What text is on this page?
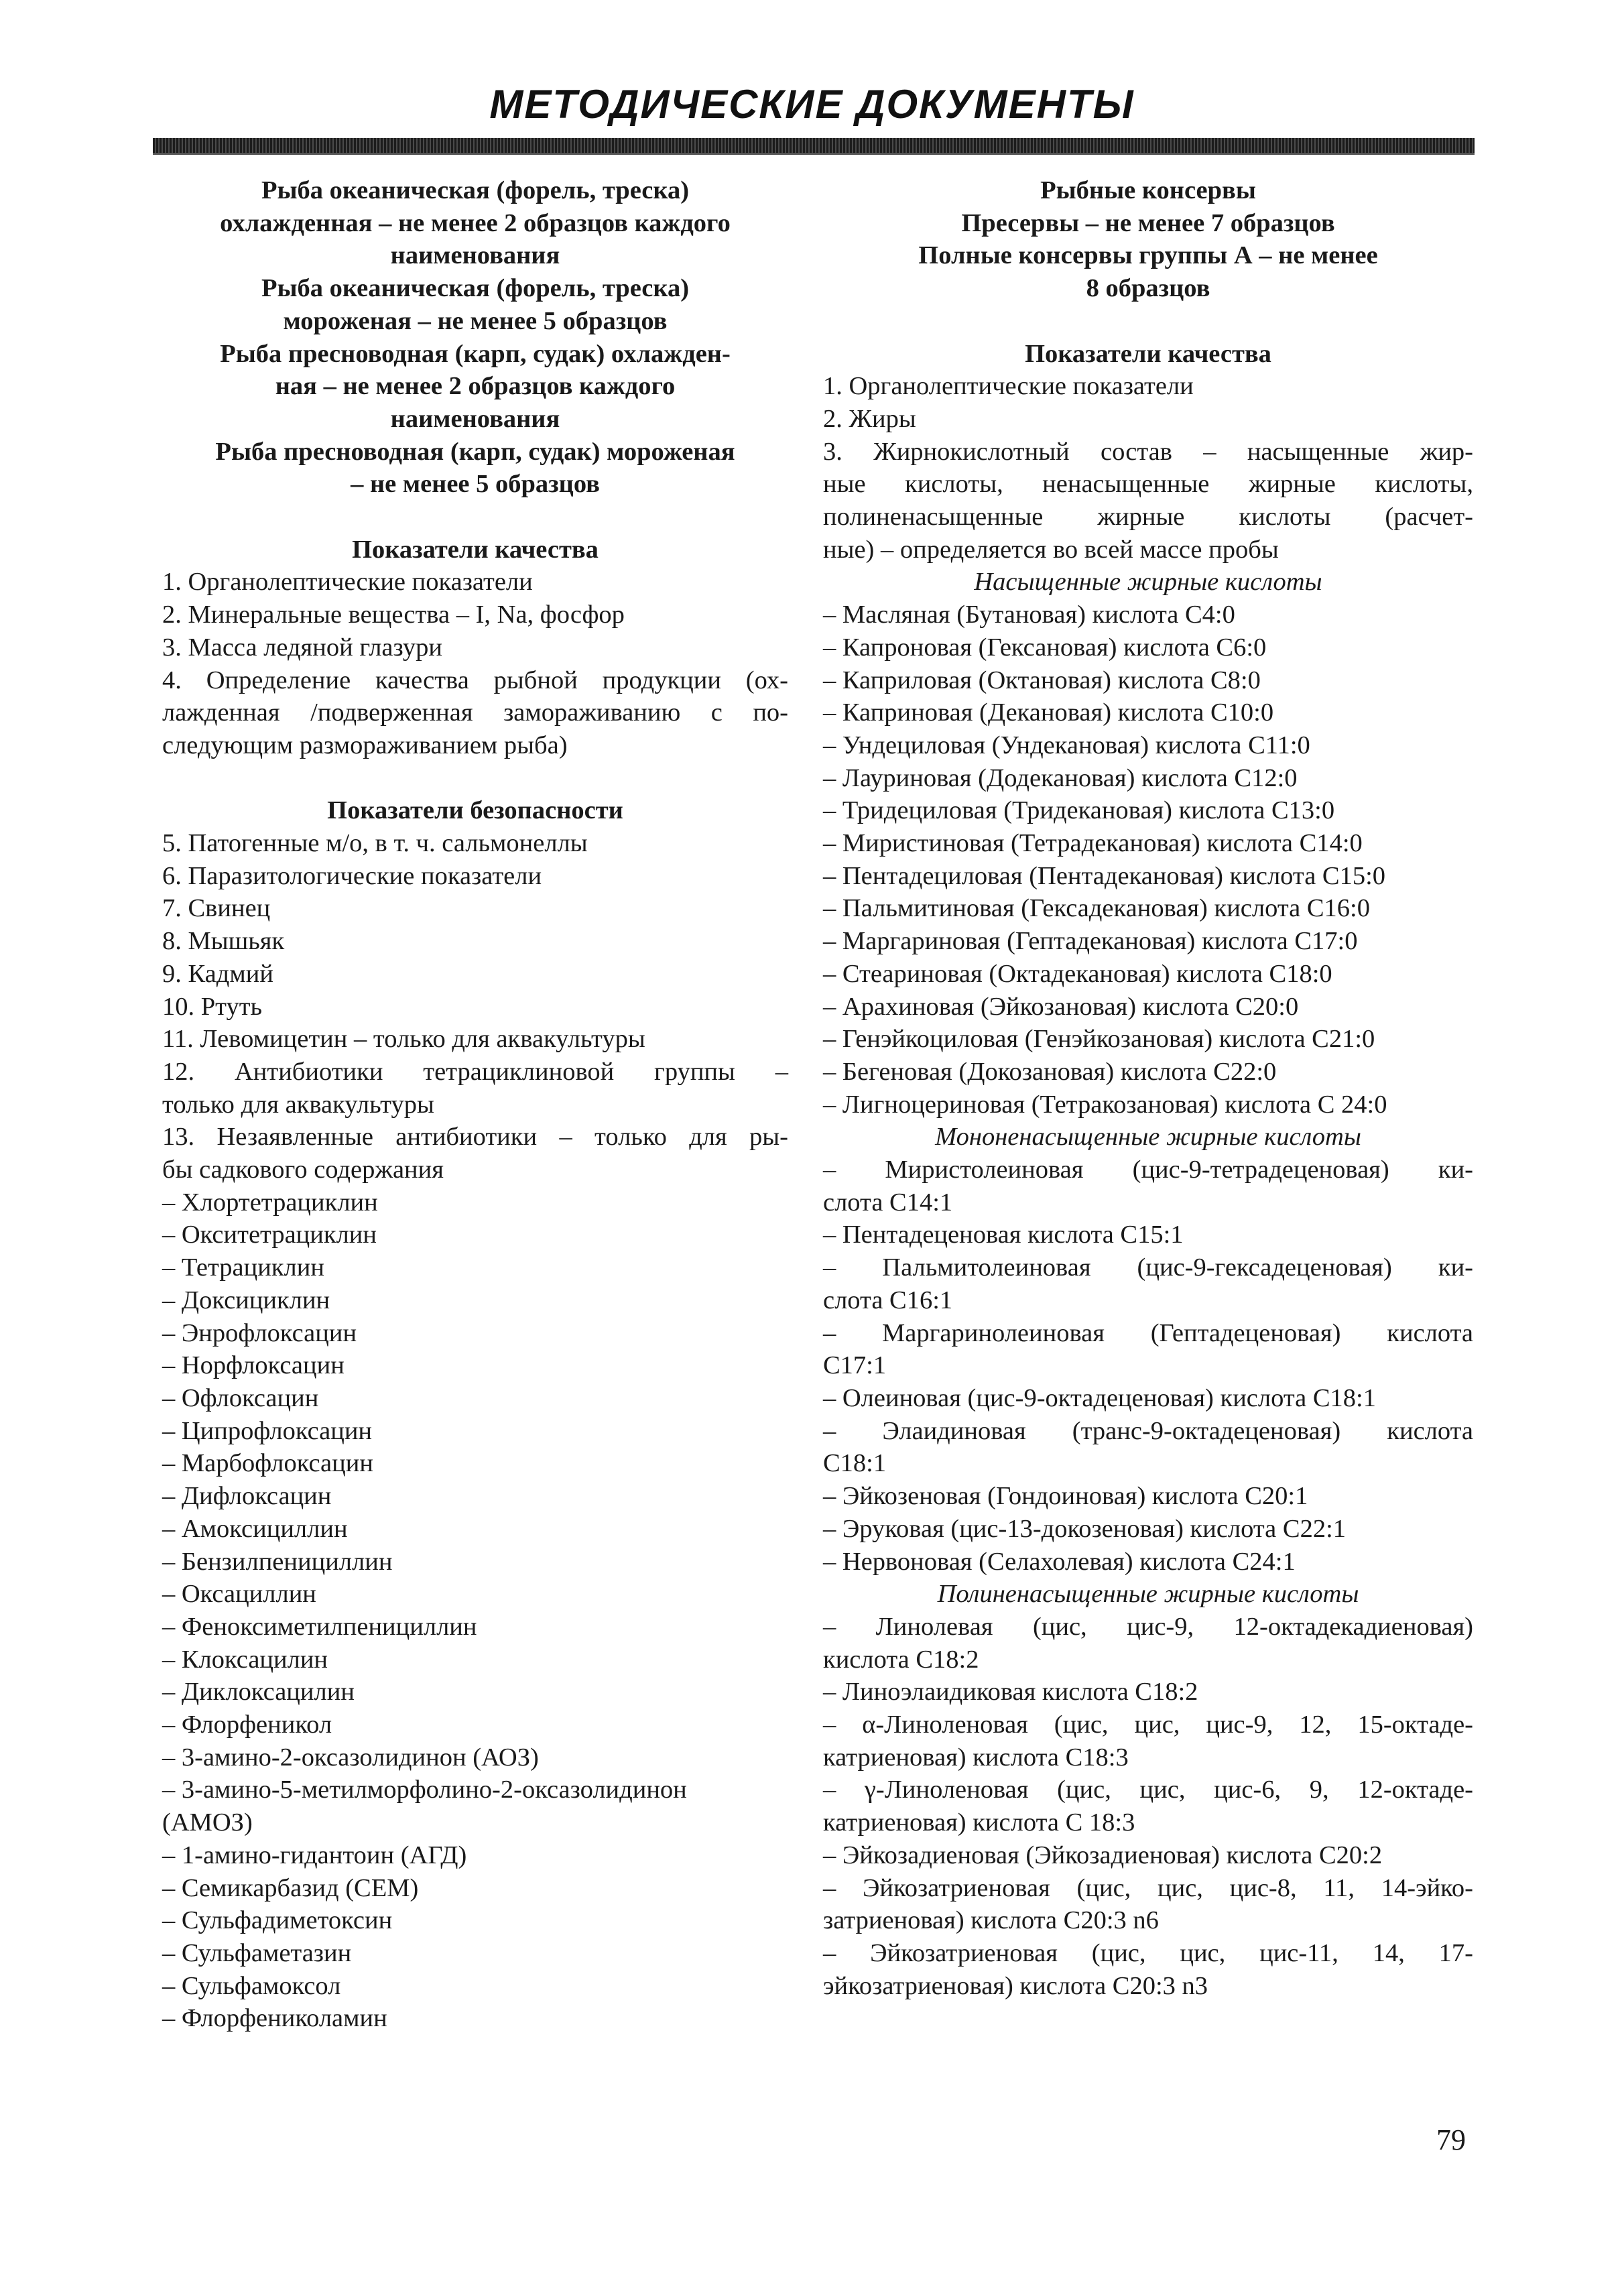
МЕТОДИЧЕСКИЕ ДОКУМЕНТЫ
Рыба океаническая (форель, треска)
охлажденная – не менее 2 образцов каждого
наименования
Рыба океаническая (форель, треска)
мороженая – не менее 5 образцов
Рыба пресноводная (карп, судак) охлажден-
ная – не менее 2 образцов каждого
наименования
Рыба пресноводная (карп, судак) мороженая
– не менее 5 образцов
Показатели качества
1. Органолептические показатели
2. Минеральные вещества – I, Na, фосфор
3. Масса ледяной глазури
4. Определение качества рыбной продукции (ох-
лажденная /подверженная замораживанию с по-
следующим размораживанием рыба)
Показатели безопасности
5. Патогенные м/о, в т. ч. сальмонеллы
6. Паразитологические показатели
7. Свинец
8. Мышьяк
9. Кадмий
10. Ртуть
11. Левомицетин – только для аквакультуры
12. Антибиотики тетрациклиновой группы –
только для аквакультуры
13. Незаявленные антибиотики – только для ры-
бы садкового содержания
– Хлортетрациклин
– Окситетрациклин
– Тетрациклин
– Доксициклин
– Энрофлоксацин
– Норфлоксацин
– Офлоксацин
– Ципрофлоксацин
– Марбофлоксацин
– Дифлоксацин
– Амоксициллин
– Бензилпенициллин
– Оксациллин
– Феноксиметилпенициллин
– Клоксацилин
– Диклоксацилин
– Флорфеникол
– 3-амино-2-оксазолидинон (АОЗ)
– 3-амино-5-метилморфолино-2-оксазолидинон
(АМОЗ)
– 1-амино-гидантоин (АГД)
– Семикарбазид (СЕМ)
– Сульфадиметоксин
– Сульфаметазин
– Сульфамоксол
– Флорфениколамин
Рыбные консервы
Пресервы – не менее 7 образцов
Полные консервы группы А – не менее
8 образцов
Показатели качества
1. Органолептические показатели
2. Жиры
3. Жирнокислотный состав – насыщенные жир-
ные кислоты, ненасыщенные жирные кислоты,
полиненасыщенные жирные кислоты (расчет-
ные) – определяется во всей массе пробы
Насыщенные жирные кислоты
– Масляная (Бутановая) кислота С4:0
– Капроновая (Гексановая) кислота С6:0
– Каприловая (Октановая) кислота С8:0
– Каприновая (Декановая) кислота С10:0
– Ундециловая (Ундекановая) кислота С11:0
– Лауриновая (Додекановая) кислота С12:0
– Тридециловая (Тридекановая) кислота С13:0
– Миристиновая (Тетрадекановая) кислота С14:0
– Пентадециловая (Пентадекановая) кислота С15:0
– Пальмитиновая (Гексадекановая) кислота С16:0
– Маргариновая (Гептадекановая) кислота С17:0
– Стеариновая (Октадекановая) кислота С18:0
– Арахиновая (Эйкозановая) кислота С20:0
– Генэйкоциловая (Генэйкозановая) кислота С21:0
– Бегеновая (Докозановая) кислота С22:0
– Лигноцериновая (Тетракозановая) кислота С 24:0
Мононенасыщенные жирные кислоты
– Миристолеиновая (цис-9-тетрадеценовая) ки-
слота С14:1
– Пентадеценовая кислота С15:1
– Пальмитолеиновая (цис-9-гексадеценовая) ки-
слота С16:1
– Маргаринолеиновая (Гептадеценовая) кислота
С17:1
– Олеиновая (цис-9-октадеценовая) кислота С18:1
– Элаидиновая (транс-9-октадеценовая) кислота
С18:1
– Эйкозеновая (Гондоиновая) кислота С20:1
– Эруковая (цис-13-докозеновая) кислота С22:1
– Нервоновая (Селахолевая) кислота С24:1
Полиненасыщенные жирные кислоты
– Линолевая (цис, цис-9, 12-октадекадиеновая)
кислота С18:2
– Линоэлаидиковая кислота С18:2
– α-Линоленовая (цис, цис, цис-9, 12, 15-октаде-
катриеновая) кислота С18:3
– γ-Линоленовая (цис, цис, цис-6, 9, 12-октаде-
катриеновая) кислота С 18:3
– Эйкозадиеновая (Эйкозадиеновая) кислота С20:2
– Эйкозатриеновая (цис, цис, цис-8, 11, 14-эйко-
затриеновая) кислота С20:3 n6
– Эйкозатриеновая (цис, цис, цис-11, 14, 17-
эйкозатриеновая) кислота С20:3 n3
79
